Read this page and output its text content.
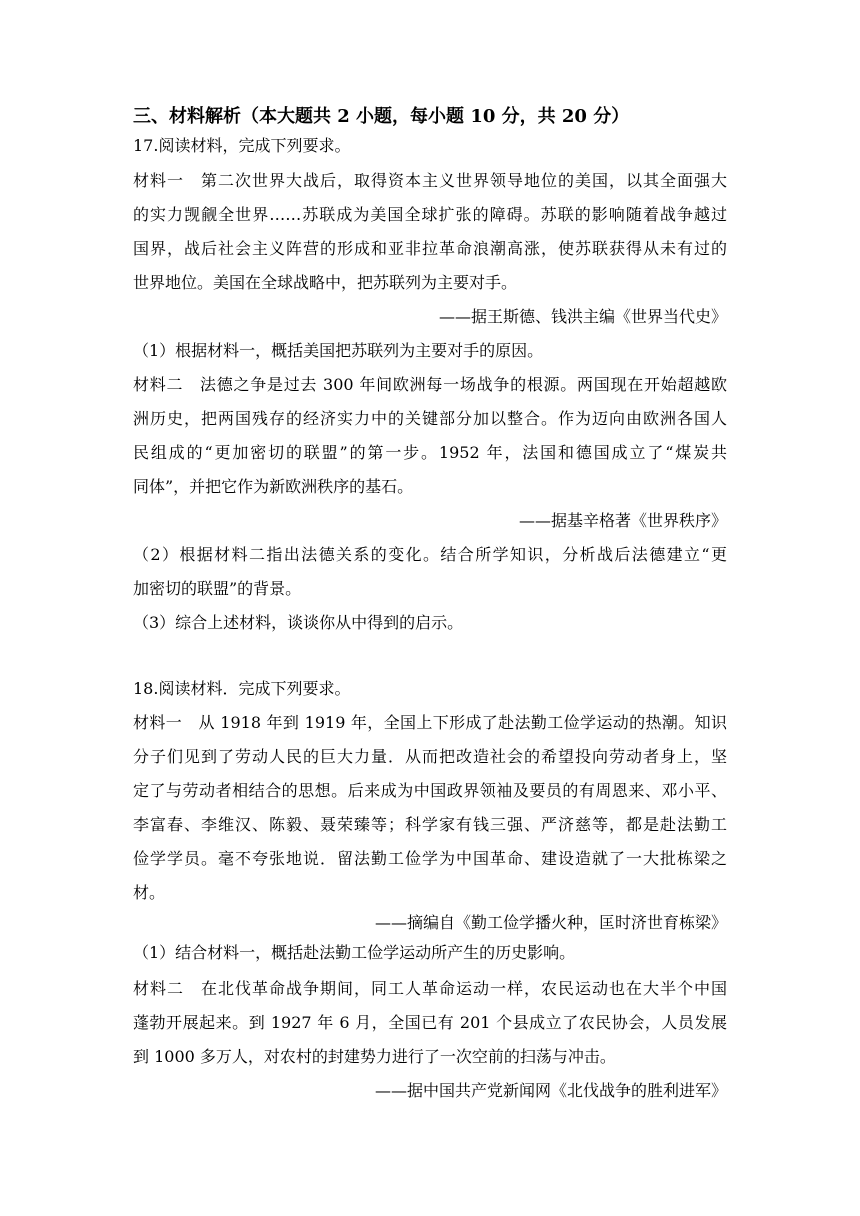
三、材料解析（本大题共 2 小题，每小题 10 分，共 20 分）
17.阅读材料，完成下列要求。
材料一　第二次世界大战后，取得资本主义世界领导地位的美国，以其全面强大
的实力觊觎全世界……苏联成为美国全球扩张的障碍。苏联的影响随着战争越过
国界，战后社会主义阵营的形成和亚非拉革命浪潮高涨，使苏联获得从未有过的
世界地位。美国在全球战略中，把苏联列为主要对手。
——据王斯德、钱洪主编《世界当代史》
（1）根据材料一，概括美国把苏联列为主要对手的原因。
材料二　法德之争是过去 300 年间欧洲每一场战争的根源。两国现在开始超越欧
洲历史，把两国残存的经济实力中的关键部分加以整合。作为迈向由欧洲各国人
民组成的“更加密切的联盟”的第一步。1952 年，法国和德国成立了“煤炭共
同体”，并把它作为新欧洲秩序的基石。
——据基辛格著《世界秩序》
（2）根据材料二指出法德关系的变化。结合所学知识，分析战后法德建立“更
加密切的联盟”的背景。
（3）综合上述材料，谈谈你从中得到的启示。
18.阅读材料．完成下列要求。
材料一　从 1918 年到 1919 年，全国上下形成了赴法勤工俭学运动的热潮。知识
分子们见到了劳动人民的巨大力量．从而把改造社会的希望投向劳动者身上，坚
定了与劳动者相结合的思想。后来成为中国政界领袖及要员的有周恩来、邓小平、
李富春、李维汉、陈毅、聂荣臻等；科学家有钱三强、严济慈等，都是赴法勤工
俭学学员。毫不夸张地说．留法勤工俭学为中国革命、建设造就了一大批栋梁之
材。
——摘编自《勤工俭学播火种，匡时济世育栋梁》
（1）结合材料一，概括赴法勤工俭学运动所产生的历史影响。
材料二　在北伐革命战争期间，同工人革命运动一样，农民运动也在大半个中国
蓬勃开展起来。到 1927 年 6 月，全国已有 201 个县成立了农民协会，人员发展
到 1000 多万人，对农村的封建势力进行了一次空前的扫荡与冲击。
——据中国共产党新闻网《北伐战争的胜利进军》
